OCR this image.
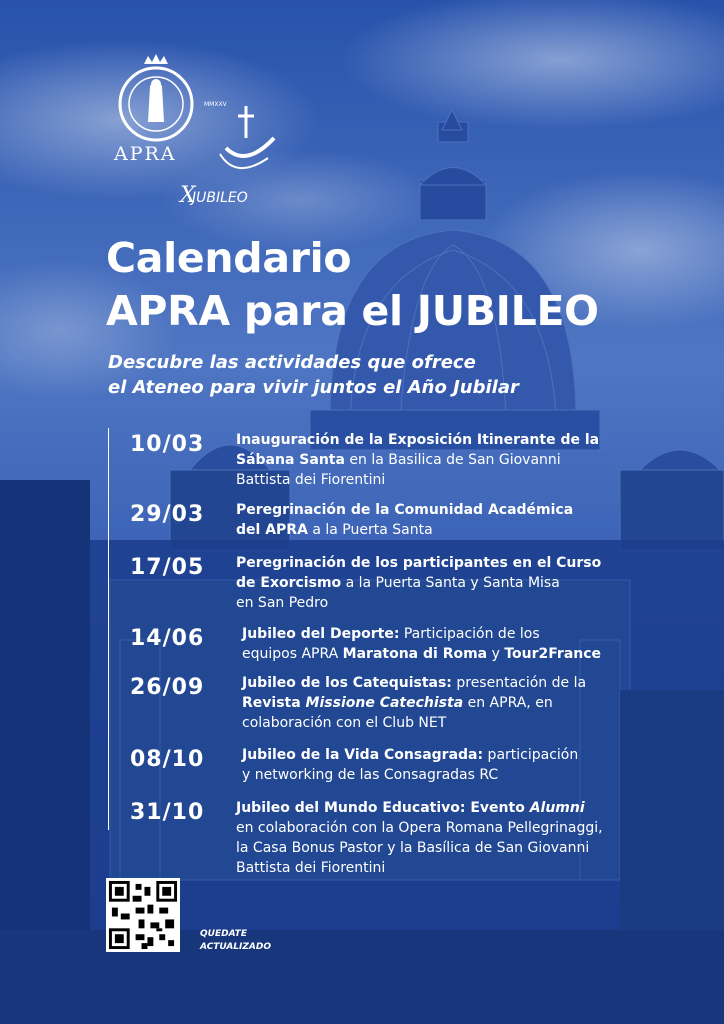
APRA
MMXXV
X
JUBILEO
Calendario
APRA para el JUBILEO
Descubre las actividades que ofrece
el Ateneo para vivir juntos el Año Jubilar
10/03 Inauguración de la Exposición Itinerante de la
Sábana Santa en la Basilica de San Giovanni
Battista dei Fiorentini
29/03 Peregrinación de la Comunidad Académica
del APRA a la Puerta Santa
17/05 Peregrinación de los participantes en el Curso
de Exorcismo a la Puerta Santa y Santa Misa
en San Pedro
14/06	Jubileo del Deporte: Participación de los
equipos APRA Maratona di Roma y Tour2France
26/09	Jubileo de los Catequistas: presentación de la
Revista Missione Catechista en APRA, en
colaboración con el Club NET
08/10	Jubileo de la Vida Consagrada: participación
y networking de las Consagradas RC
31/10 Jubileo del Mundo Educativo: Evento Alumni
en colaboración con la Opera Romana Pellegrinaggi,
la Casa Bonus Pastor y la Basílica de San Giovanni
Battista dei Fiorentini
QUEDATE
ACTUALIZADO
